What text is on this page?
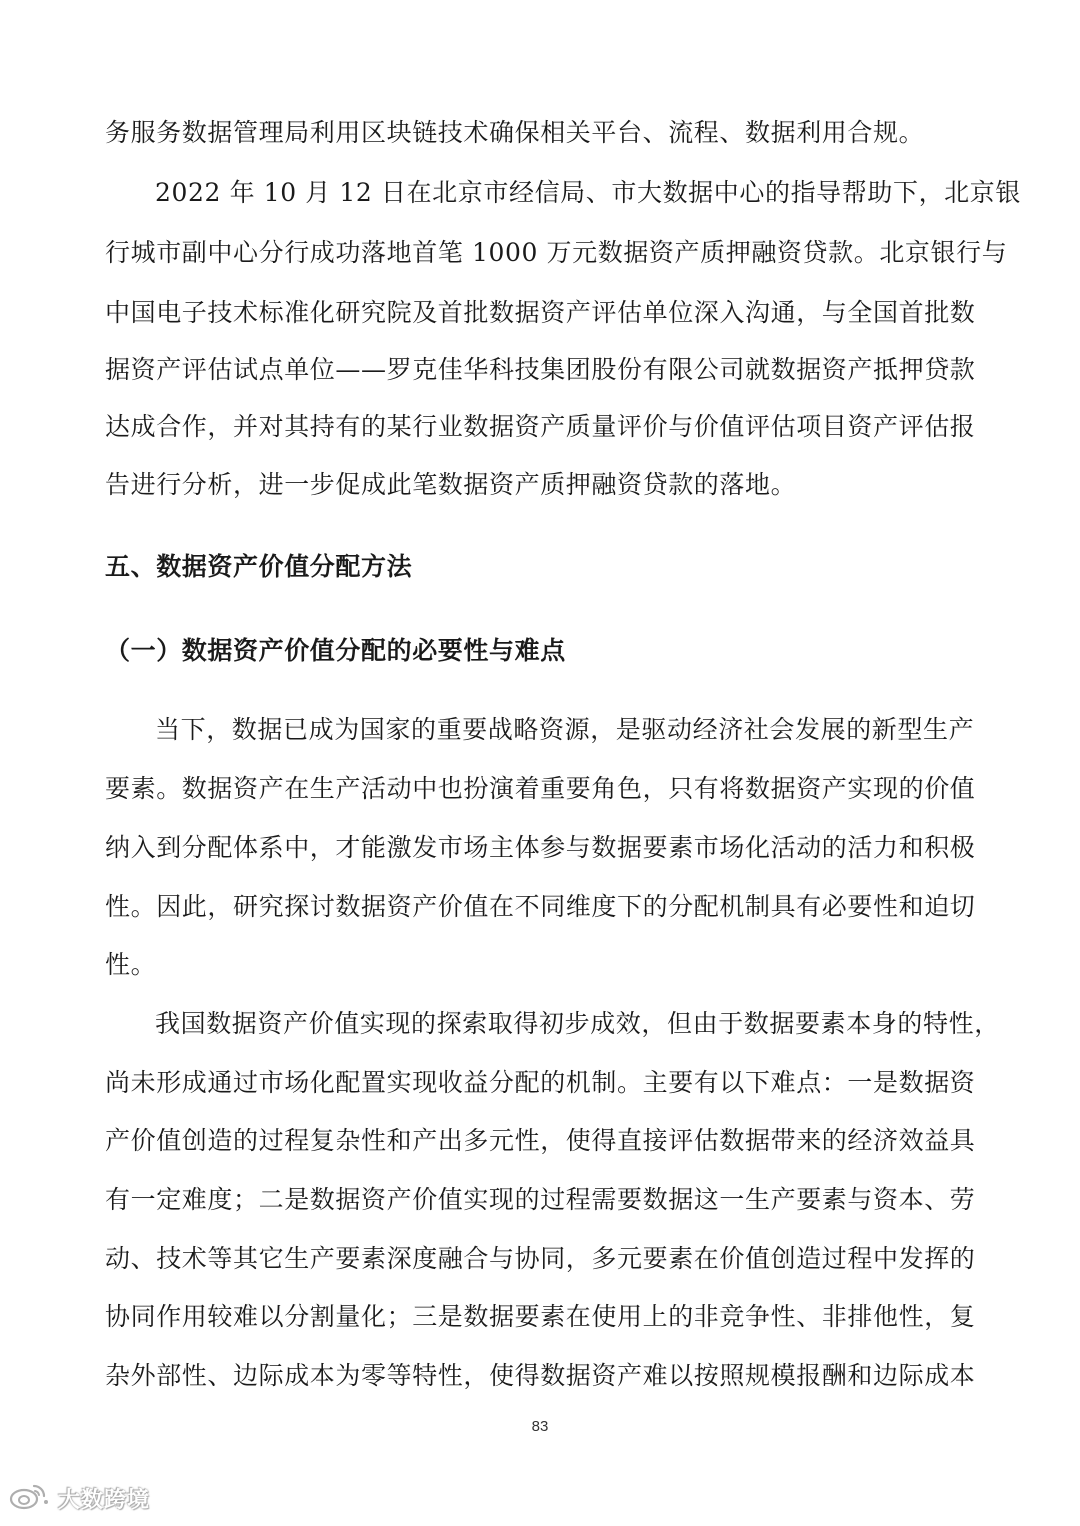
务服务数据管理局利用区块链技术确保相关平台、流程、数据利用合规。
2022 年 10 月 12 日在北京市经信局、市大数据中心的指导帮助下，北京银
行城市副中心分行成功落地首笔 1000 万元数据资产质押融资贷款。北京银行与
中国电子技术标准化研究院及首批数据资产评估单位深入沟通，与全国首批数
据资产评估试点单位——罗克佳华科技集团股份有限公司就数据资产抵押贷款
达成合作，并对其持有的某行业数据资产质量评价与价值评估项目资产评估报
告进行分析，进一步促成此笔数据资产质押融资贷款的落地。
五、数据资产价值分配方法
（一）数据资产价值分配的必要性与难点
当下，数据已成为国家的重要战略资源，是驱动经济社会发展的新型生产
要素。数据资产在生产活动中也扮演着重要角色，只有将数据资产实现的价值
纳入到分配体系中，才能激发市场主体参与数据要素市场化活动的活力和积极
性。因此，研究探讨数据资产价值在不同维度下的分配机制具有必要性和迫切
性。
我国数据资产价值实现的探索取得初步成效，但由于数据要素本身的特性，
尚未形成通过市场化配置实现收益分配的机制。主要有以下难点：一是数据资
产价值创造的过程复杂性和产出多元性，使得直接评估数据带来的经济效益具
有一定难度；二是数据资产价值实现的过程需要数据这一生产要素与资本、劳
动、技术等其它生产要素深度融合与协同，多元要素在价值创造过程中发挥的
协同作用较难以分割量化；三是数据要素在使用上的非竞争性、非排他性，复
杂外部性、边际成本为零等特性，使得数据资产难以按照规模报酬和边际成本
83
大数跨境
